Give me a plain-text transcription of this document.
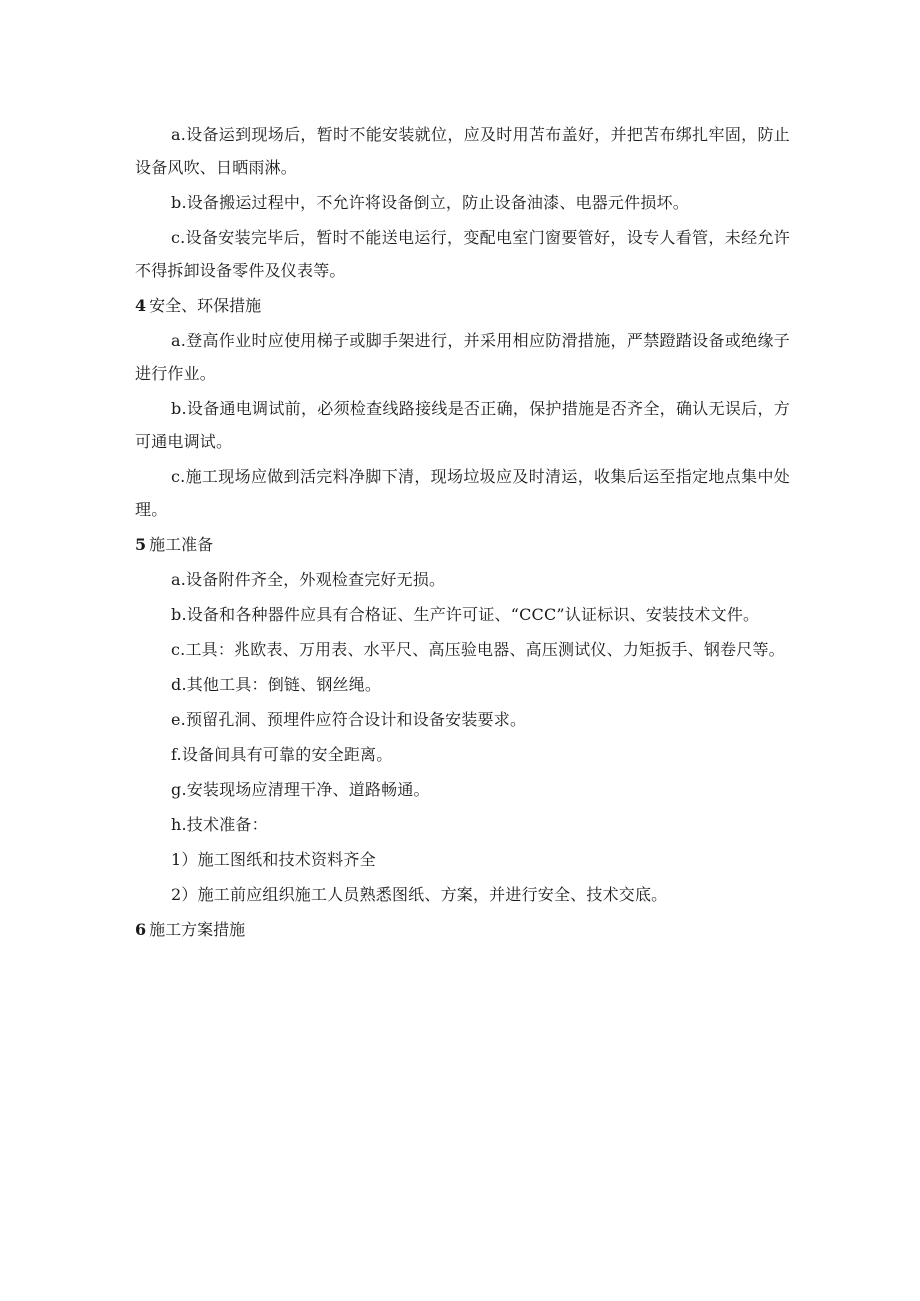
a.设备运到现场后，暂时不能安装就位，应及时用苫布盖好，并把苫布绑扎牢固，防止设备风吹、日晒雨淋。

b.设备搬运过程中，不允许将设备倒立，防止设备油漆、电器元件损坏。

c.设备安装完毕后，暂时不能送电运行，变配电室门窗要管好，设专人看管，未经允许不得拆卸设备零件及仪表等。

4 安全、环保措施

a.登高作业时应使用梯子或脚手架进行，并采用相应防滑措施，严禁蹬踏设备或绝缘子进行作业。

b.设备通电调试前，必须检查线路接线是否正确，保护措施是否齐全，确认无误后，方可通电调试。

c.施工现场应做到活完料净脚下清，现场垃圾应及时清运，收集后运至指定地点集中处理。

5 施工准备

a.设备附件齐全，外观检查完好无损。

b.设备和各种器件应具有合格证、生产许可证、“CCC”认证标识、安装技术文件。

c.工具：兆欧表、万用表、水平尺、高压验电器、高压测试仪、力矩扳手、钢卷尺等。

d.其他工具：倒链、钢丝绳。

e.预留孔洞、预埋件应符合设计和设备安装要求。

f.设备间具有可靠的安全距离。

g.安装现场应清理干净、道路畅通。

h.技术准备：

1）施工图纸和技术资料齐全

2）施工前应组织施工人员熟悉图纸、方案，并进行安全、技术交底。

6 施工方案措施
